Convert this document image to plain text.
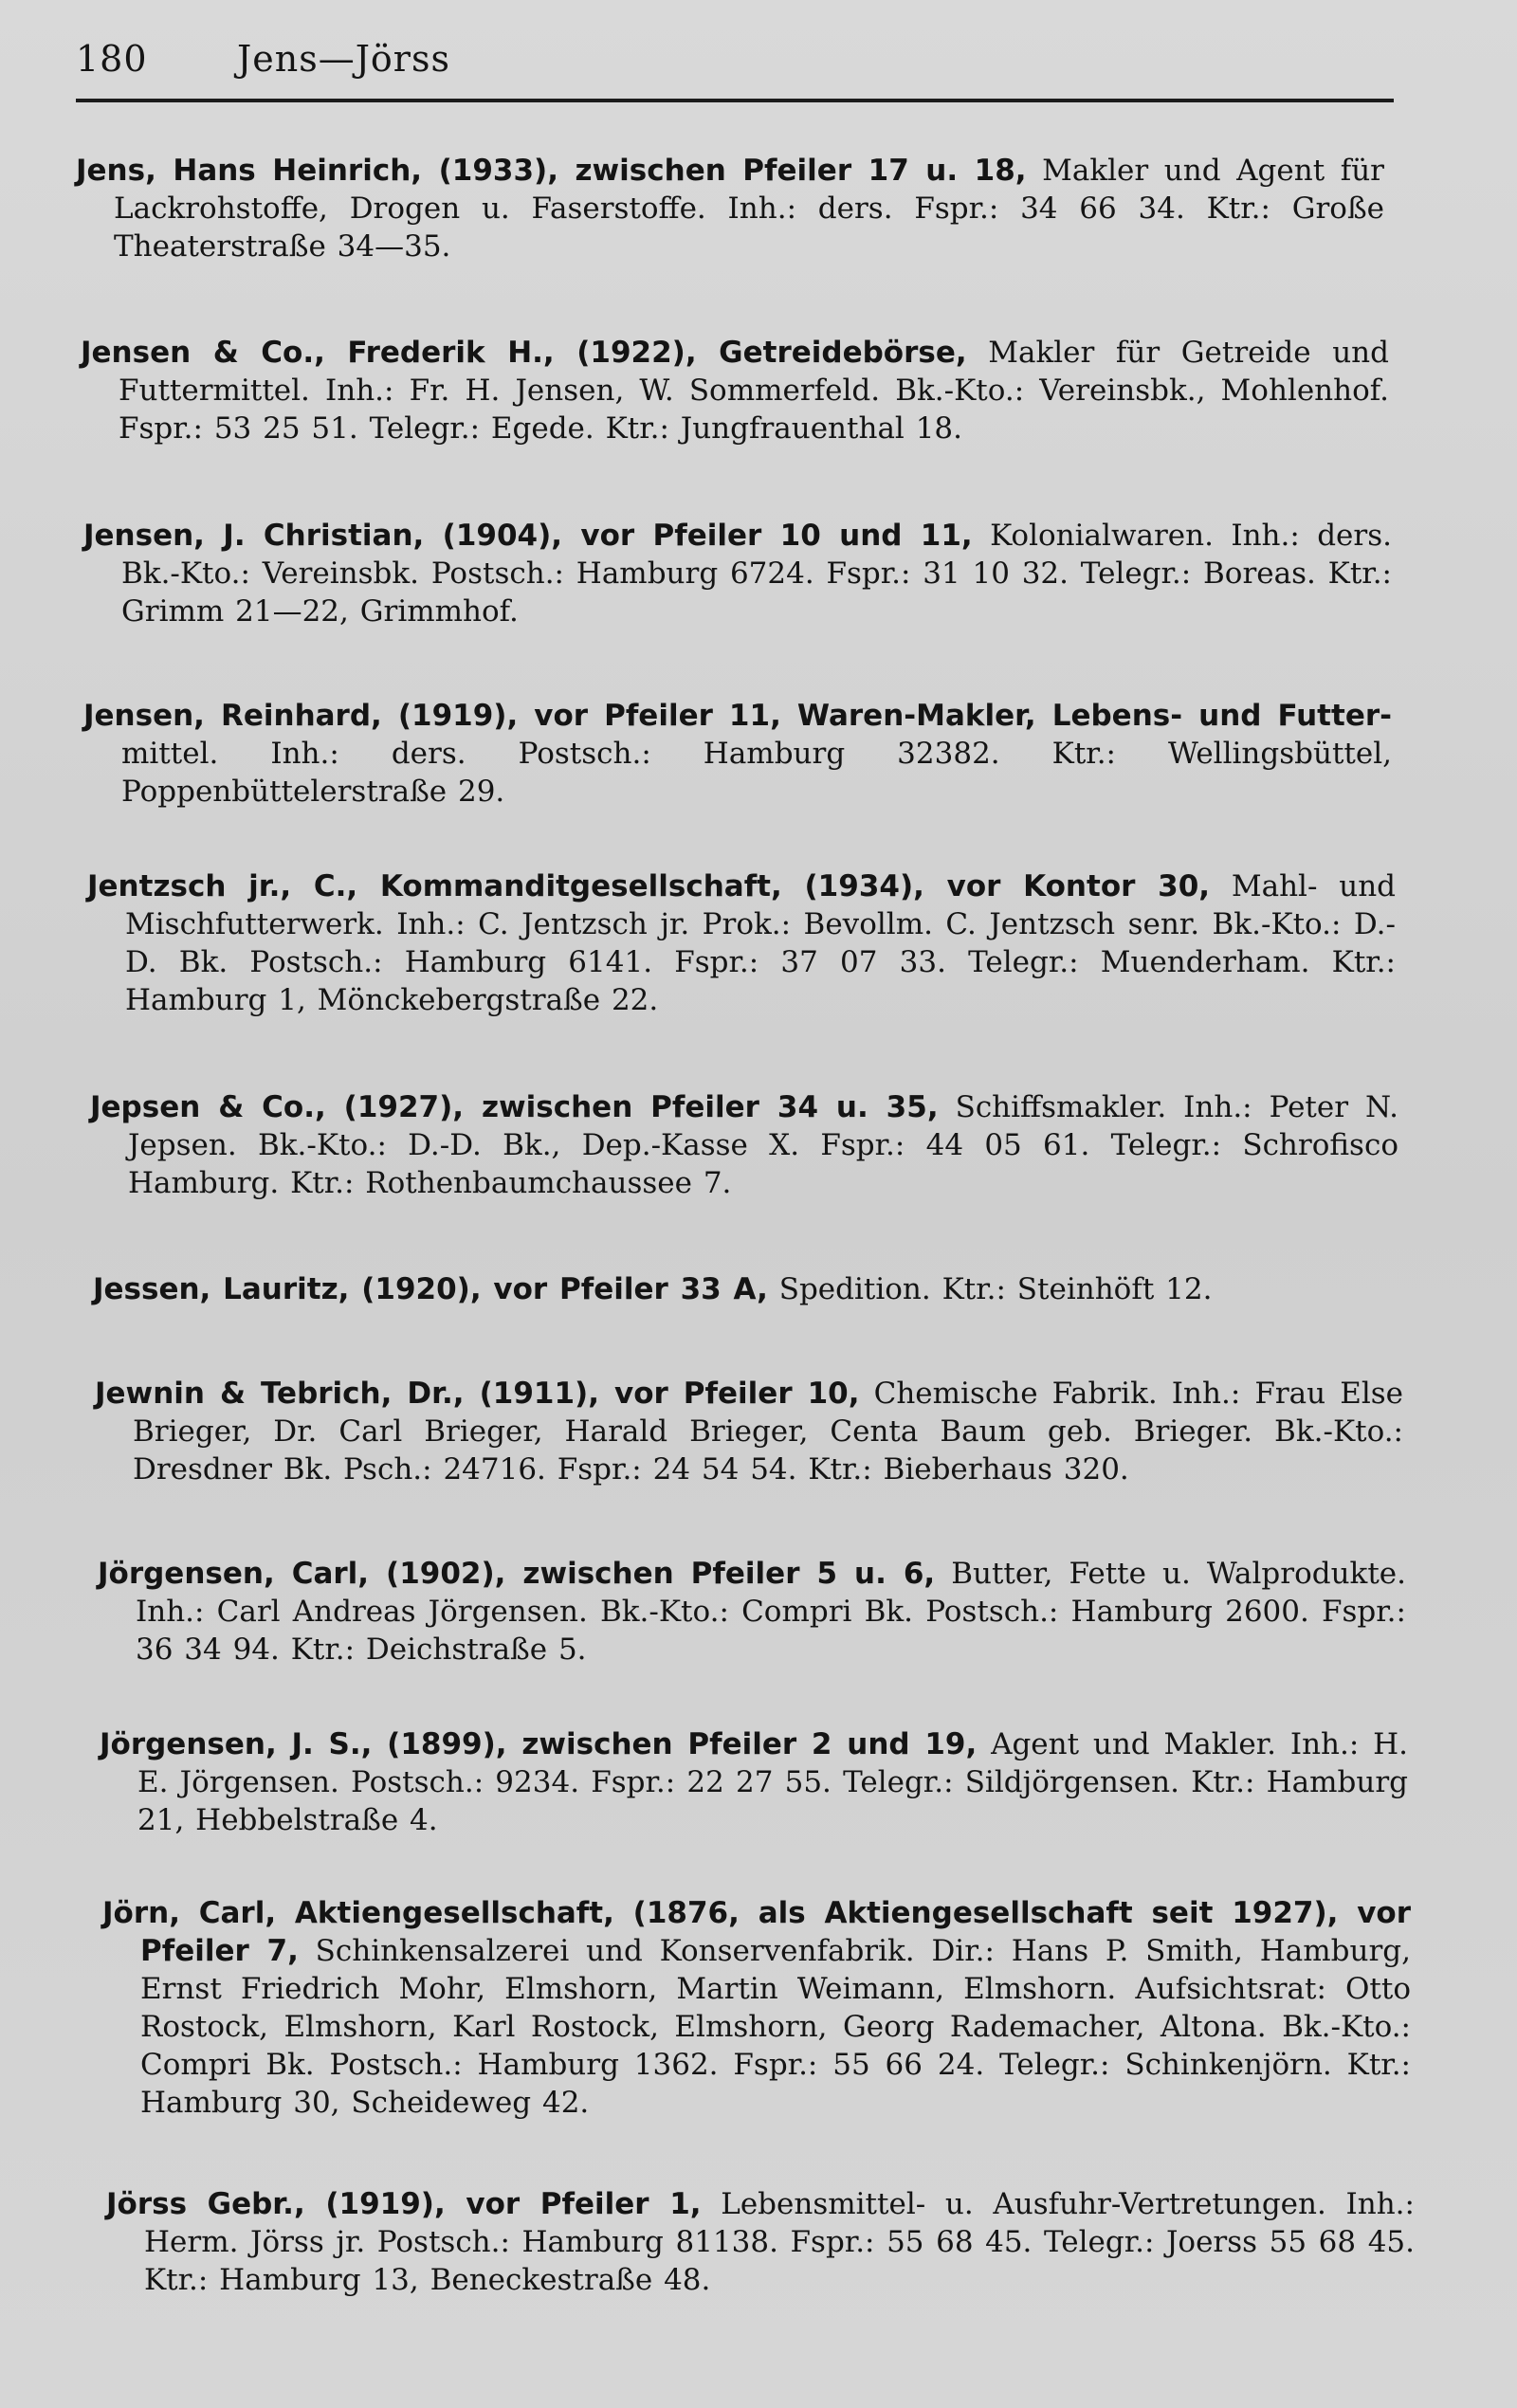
180 Jens—Jörss
Jens, Hans Heinrich, (1933), zwischen Pfeiler 17 u. 18, Makler und Agent für Lackrohstoffe, Drogen u. Faserstoffe. Inh.: ders. Fspr.: 34 66 34. Ktr.: Große Theaterstraße 34—35.
Jensen & Co., Frederik H., (1922), Getreidebörse, Makler für Getreide und Futtermittel. Inh.: Fr. H. Jensen, W. Sommerfeld. Bk.-Kto.: Vereinsbk., Mohlenhof. Fspr.: 53 25 51. Telegr.: Egede. Ktr.: Jungfrauenthal 18.
Jensen, J. Christian, (1904), vor Pfeiler 10 und 11, Kolonialwaren. Inh.: ders. Bk.-Kto.: Vereinsbk. Postsch.: Hamburg 6724. Fspr.: 31 10 32. Telegr.: Boreas. Ktr.: Grimm 21—22, Grimmhof.
Jensen, Reinhard, (1919), vor Pfeiler 11, Waren-Makler, Lebens- und Futter-mittel. Inh.: ders. Postsch.: Hamburg 32382. Ktr.: Wellingsbüttel, Poppenbüttelerstraße 29.
Jentzsch jr., C., Kommanditgesellschaft, (1934), vor Kontor 30, Mahl- und Mischfutterwerk. Inh.: C. Jentzsch jr. Prok.: Bevollm. C. Jentzsch senr. Bk.-Kto.: D.-D. Bk. Postsch.: Hamburg 6141. Fspr.: 37 07 33. Telegr.: Muenderham. Ktr.: Hamburg 1, Mönckebergstraße 22.
Jepsen & Co., (1927), zwischen Pfeiler 34 u. 35, Schiffsmakler. Inh.: Peter N. Jepsen. Bk.-Kto.: D.-D. Bk., Dep.-Kasse X. Fspr.: 44 05 61. Telegr.: Schrofisco Hamburg. Ktr.: Rothenbaumchaussee 7.
Jessen, Lauritz, (1920), vor Pfeiler 33 A, Spedition. Ktr.: Steinhöft 12.
Jewnin & Tebrich, Dr., (1911), vor Pfeiler 10, Chemische Fabrik. Inh.: Frau Else Brieger, Dr. Carl Brieger, Harald Brieger, Centa Baum geb. Brieger. Bk.-Kto.: Dresdner Bk. Psch.: 24716. Fspr.: 24 54 54. Ktr.: Bieberhaus 320.
Jörgensen, Carl, (1902), zwischen Pfeiler 5 u. 6, Butter, Fette u. Walprodukte. Inh.: Carl Andreas Jörgensen. Bk.-Kto.: Compri Bk. Postsch.: Hamburg 2600. Fspr.: 36 34 94. Ktr.: Deichstraße 5.
Jörgensen, J. S., (1899), zwischen Pfeiler 2 und 19, Agent und Makler. Inh.: H. E. Jörgensen. Postsch.: 9234. Fspr.: 22 27 55. Telegr.: Sildjörgensen. Ktr.: Hamburg 21, Hebbelstraße 4.
Jörn, Carl, Aktiengesellschaft, (1876, als Aktiengesellschaft seit 1927), vor Pfeiler 7, Schinkensalzerei und Konservenfabrik. Dir.: Hans P. Smith, Hamburg, Ernst Friedrich Mohr, Elmshorn, Martin Weimann, Elmshorn. Aufsichtsrat: Otto Rostock, Elmshorn, Karl Rostock, Elmshorn, Georg Rademacher, Altona. Bk.-Kto.: Compri Bk. Postsch.: Hamburg 1362. Fspr.: 55 66 24. Telegr.: Schinkenjörn. Ktr.: Hamburg 30, Scheideweg 42.
Jörss Gebr., (1919), vor Pfeiler 1, Lebensmittel- u. Ausfuhr-Vertretungen. Inh.: Herm. Jörss jr. Postsch.: Hamburg 81138. Fspr.: 55 68 45. Telegr.: Joerss 55 68 45. Ktr.: Hamburg 13, Beneckestraße 48.
